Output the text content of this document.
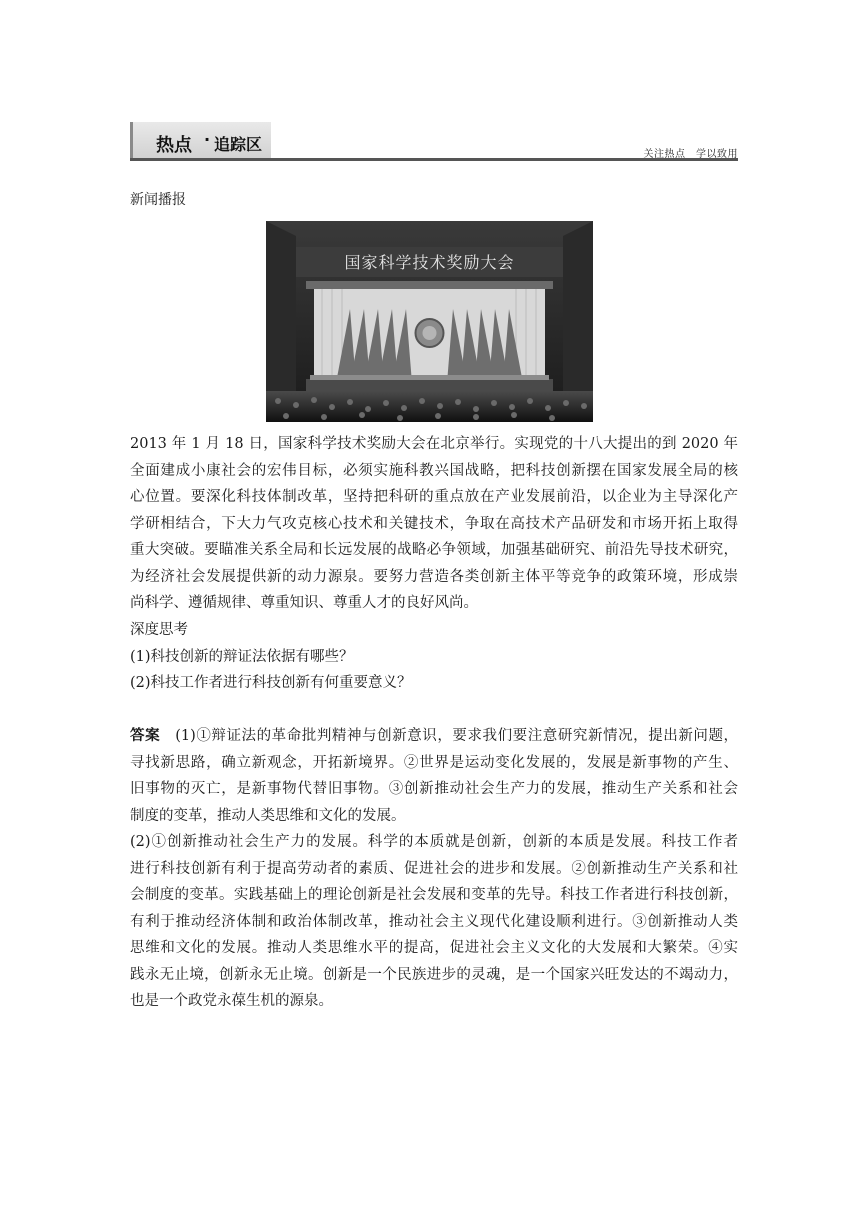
热点 · 追踪区
关注热点　学以致用
新闻播报
国家科学技术奖励大会
2013 年 1 月 18 日，国家科学技术奖励大会在北京举行。实现党的十八大提出的到 2020 年
全面建成小康社会的宏伟目标，必须实施科教兴国战略，把科技创新摆在国家发展全局的核
心位置。要深化科技体制改革，坚持把科研的重点放在产业发展前沿，以企业为主导深化产
学研相结合，下大力气攻克核心技术和关键技术，争取在高技术产品研发和市场开拓上取得
重大突破。要瞄准关系全局和长远发展的战略必争领域，加强基础研究、前沿先导技术研究，
为经济社会发展提供新的动力源泉。要努力营造各类创新主体平等竞争的政策环境，形成崇
尚科学、遵循规律、尊重知识、尊重人才的良好风尚。
深度思考
(1)科技创新的辩证法依据有哪些？
(2)科技工作者进行科技创新有何重要意义？
答案　 (1)①辩证法的革命批判精神与创新意识，要求我们要注意研究新情况，提出新问题，
寻找新思路，确立新观念，开拓新境界。②世界是运动变化发展的，发展是新事物的产生、
旧事物的灭亡，是新事物代替旧事物。③创新推动社会生产力的发展，推动生产关系和社会
制度的变革，推动人类思维和文化的发展。
(2)①创新推动社会生产力的发展。科学的本质就是创新，创新的本质是发展。科技工作者
进行科技创新有利于提高劳动者的素质、促进社会的进步和发展。②创新推动生产关系和社
会制度的变革。实践基础上的理论创新是社会发展和变革的先导。科技工作者进行科技创新，
有利于推动经济体制和政治体制改革，推动社会主义现代化建设顺利进行。③创新推动人类
思维和文化的发展。推动人类思维水平的提高，促进社会主义文化的大发展和大繁荣。④实
践永无止境，创新永无止境。创新是一个民族进步的灵魂，是一个国家兴旺发达的不竭动力，
也是一个政党永葆生机的源泉。
